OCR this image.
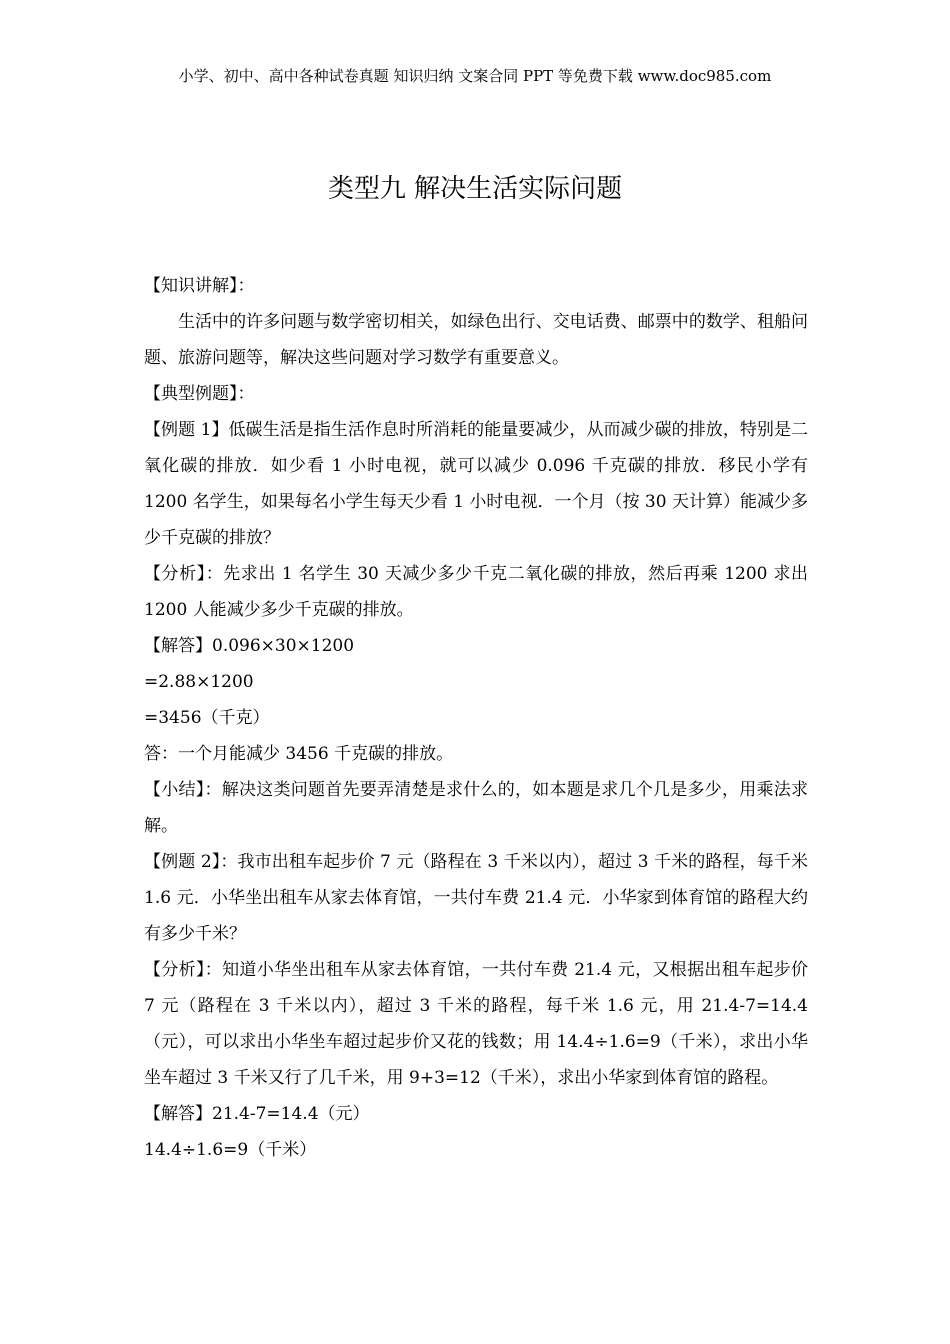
小学、初中、高中各种试卷真题 知识归纳 文案合同 PPT 等免费下载 www.doc985.com
类型九 解决生活实际问题

【知识讲解】：

生活中的许多问题与数学密切相关，如绿色出行、交电话费、邮票中的数学、租船问题、旅游问题等，解决这些问题对学习数学有重要意义。

【典型例题】：

【例题 1】低碳生活是指生活作息时所消耗的能量要减少，从而减少碳的排放，特别是二氧化碳的排放．如少看 1 小时电视，就可以减少 0.096 千克碳的排放．移民小学有 1200 名学生，如果每名小学生每天少看 1 小时电视．一个月（按 30 天计算）能减少多少千克碳的排放？

【分析】：先求出 1 名学生 30 天减少多少千克二氧化碳的排放，然后再乘 1200 求出 1200 人能减少多少千克碳的排放。

【解答】0.096×30×1200

=2.88×1200

=3456（千克）

答：一个月能减少 3456 千克碳的排放。

【小结】：解决这类问题首先要弄清楚是求什么的，如本题是求几个几是多少，用乘法求解。

【例题 2】：我市出租车起步价 7 元（路程在 3 千米以内），超过 3 千米的路程，每千米 1.6 元．小华坐出租车从家去体育馆，一共付车费 21.4 元．小华家到体育馆的路程大约有多少千米？

【分析】：知道小华坐出租车从家去体育馆，一共付车费 21.4 元，又根据出租车起步价 7 元（路程在 3 千米以内），超过 3 千米的路程，每千米 1.6 元，用 21.4-7=14.4（元），可以求出小华坐车超过起步价又花的钱数；用 14.4÷1.6=9（千米），求出小华坐车超过 3 千米又行了几千米，用 9+3=12（千米），求出小华家到体育馆的路程。

【解答】21.4-7=14.4（元）

14.4÷1.6=9（千米）
